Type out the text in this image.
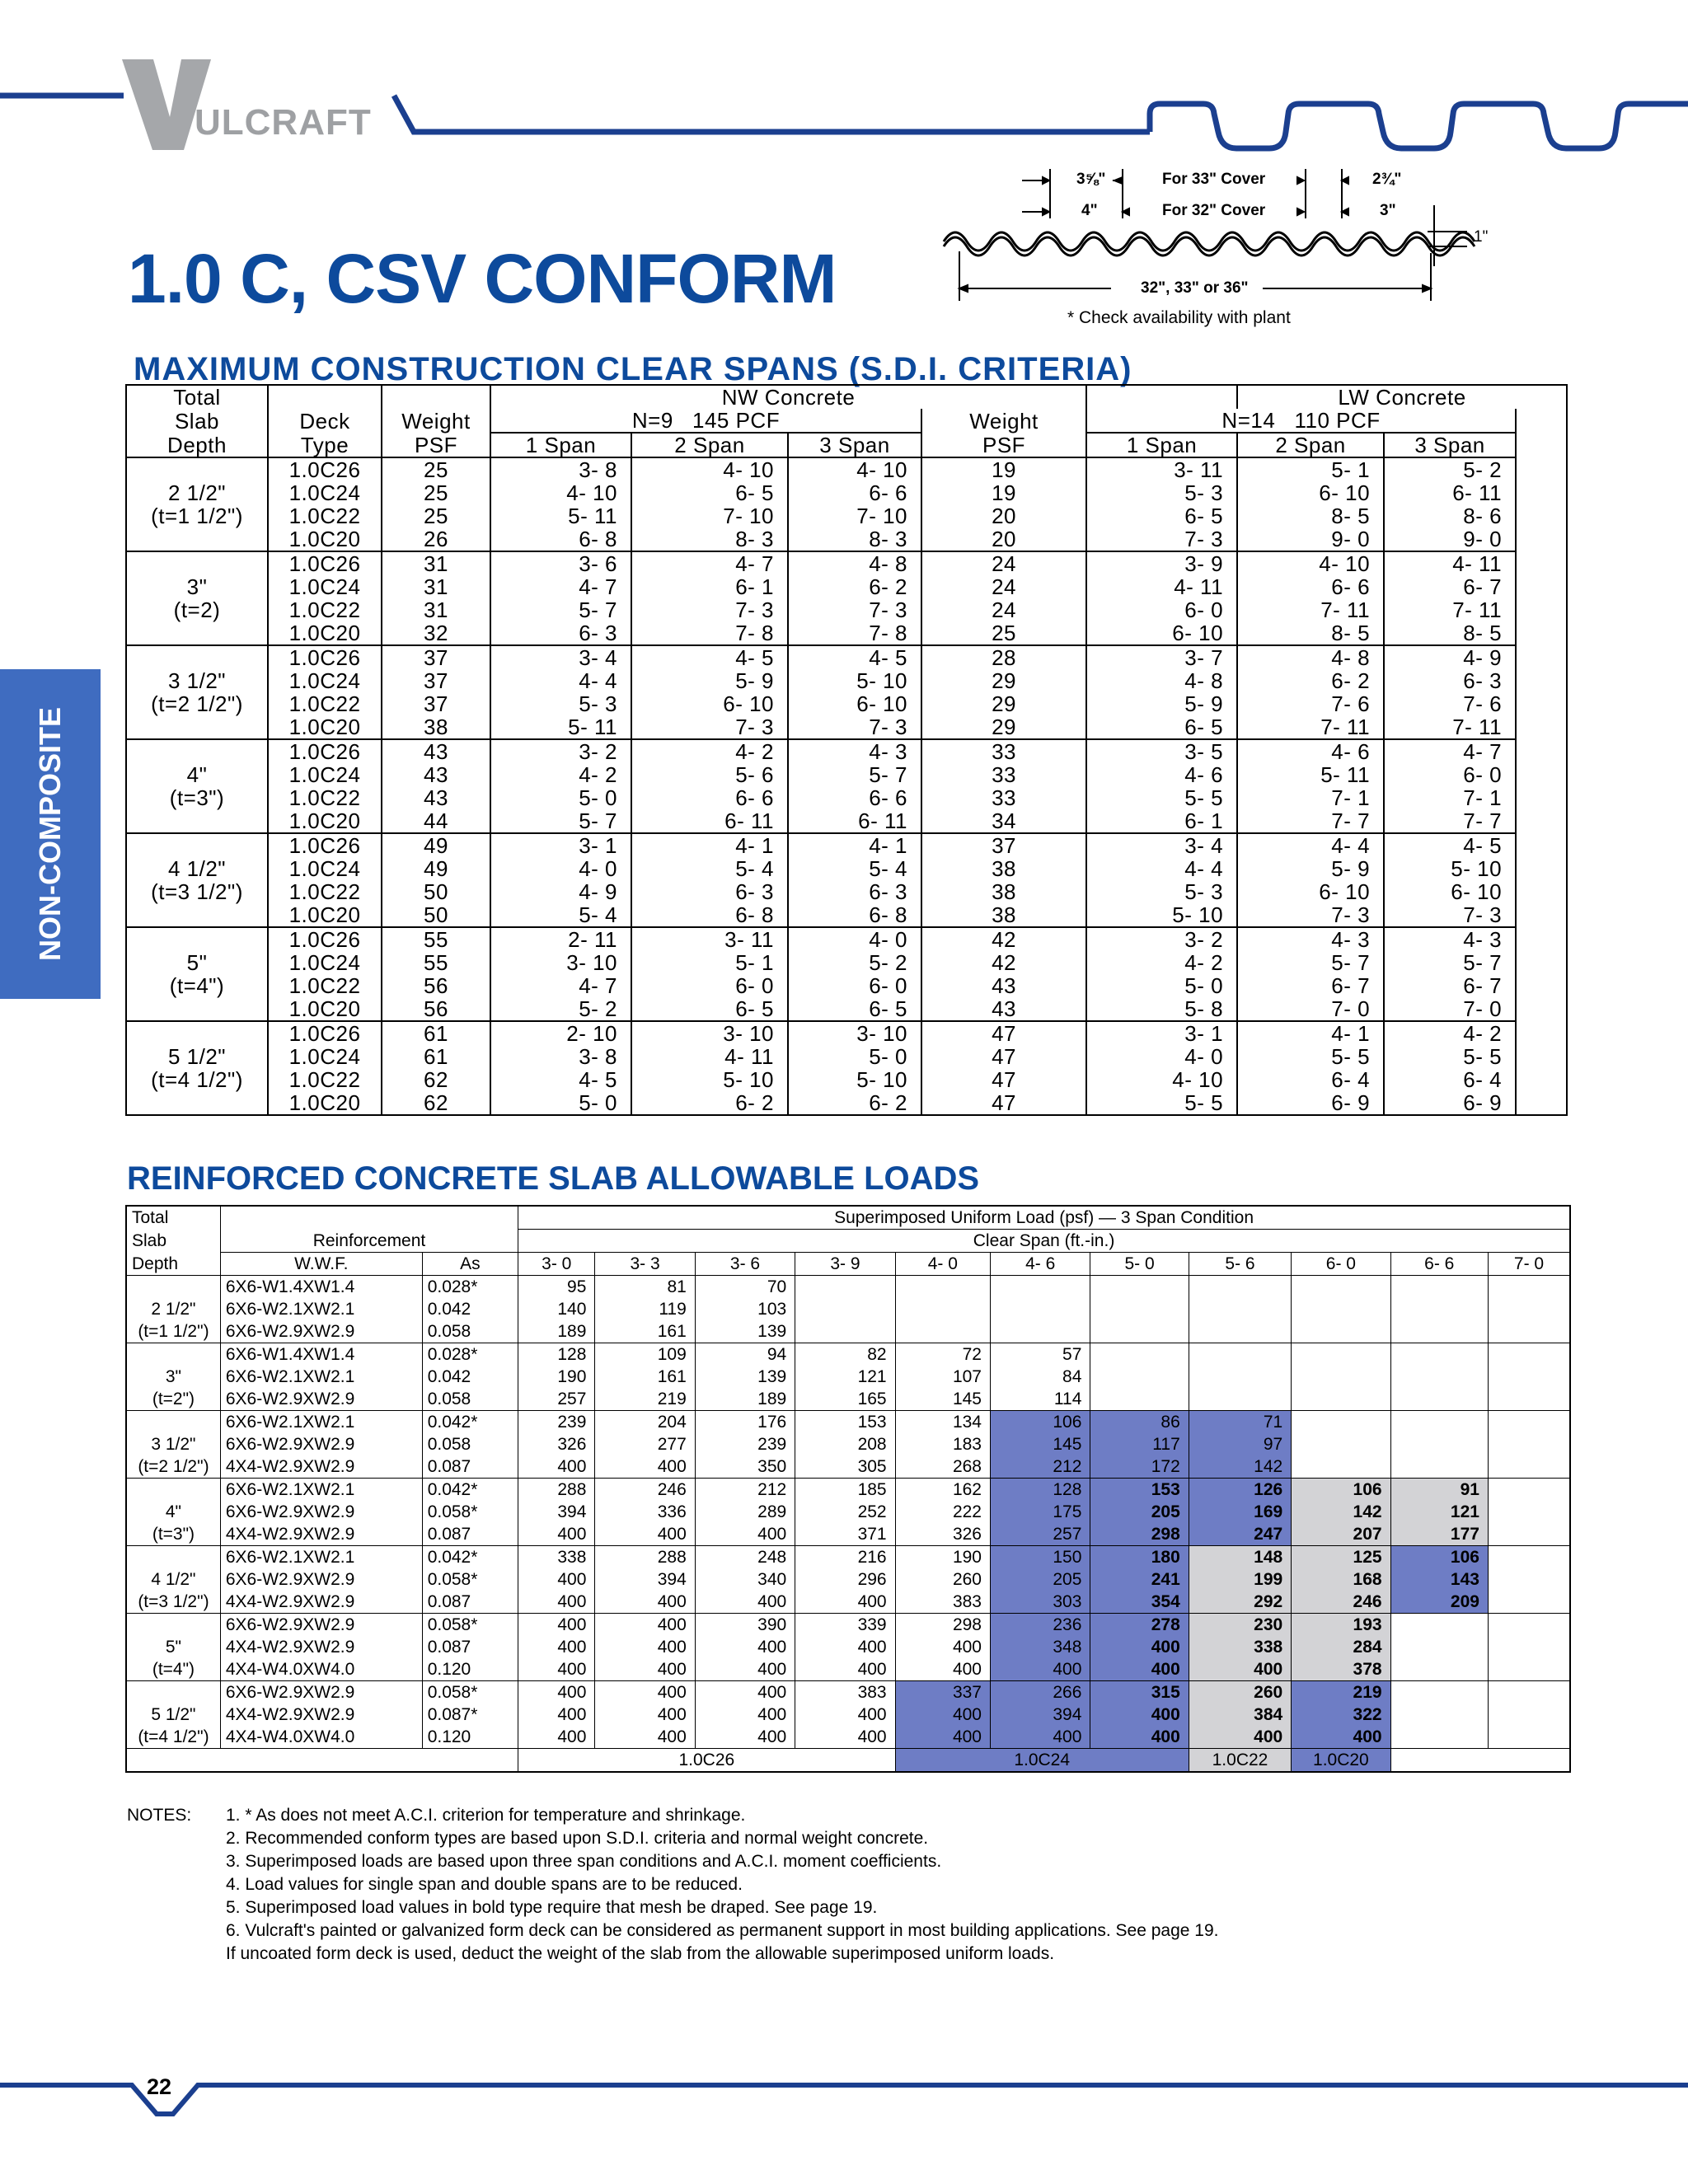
ULCRAFT
1.0 C, CSV CONFORM
3⅝"	For 33" Cover	2¾"
4"	For 32" Cover	3"
1"
32", 33" or 36"
* Check availability with plant
NON-COMPOSITE
MAXIMUM CONSTRUCTION CLEAR SPANS (S.D.I. CRITERIA)
Total			NW Concrete					LW Concrete	
Slab	Deck	Weight	N=9   145 PCF			Weight	N=14   110 PCF		
Depth	Type	PSF	1 Span	2 Span	3 Span	PSF	1 Span	2 Span	3 Span

2 1/2"
(t=1 1/2")	1.0C26	25	3- 8	4- 10	4- 10	19	3- 11	5- 1	5- 2
	1.0C24	25	4- 10	6- 5	6- 6	19	5- 3	6- 10	6- 11
	1.0C22	25	5- 11	7- 10	7- 10	20	6- 5	8- 5	8- 6
	1.0C20	26	6- 8	8- 3	8- 3	20	7- 3	9- 0	9- 0

3"
(t=2)	1.0C26	31	3- 6	4- 7	4- 8	24	3- 9	4- 10	4- 11
	1.0C24	31	4- 7	6- 1	6- 2	24	4- 11	6- 6	6- 7
	1.0C22	31	5- 7	7- 3	7- 3	24	6- 0	7- 11	7- 11
	1.0C20	32	6- 3	7- 8	7- 8	25	6- 10	8- 5	8- 5

3 1/2"
(t=2 1/2")	1.0C26	37	3- 4	4- 5	4- 5	28	3- 7	4- 8	4- 9
	1.0C24	37	4- 4	5- 9	5- 10	29	4- 8	6- 2	6- 3
	1.0C22	37	5- 3	6- 10	6- 10	29	5- 9	7- 6	7- 6
	1.0C20	38	5- 11	7- 3	7- 3	29	6- 5	7- 11	7- 11

4"
(t=3")	1.0C26	43	3- 2	4- 2	4- 3	33	3- 5	4- 6	4- 7
	1.0C24	43	4- 2	5- 6	5- 7	33	4- 6	5- 11	6- 0
	1.0C22	43	5- 0	6- 6	6- 6	33	5- 5	7- 1	7- 1
	1.0C20	44	5- 7	6- 11	6- 11	34	6- 1	7- 7	7- 7

4 1/2"
(t=3 1/2")	1.0C26	49	3- 1	4- 1	4- 1	37	3- 4	4- 4	4- 5
	1.0C24	49	4- 0	5- 4	5- 4	38	4- 4	5- 9	5- 10
	1.0C22	50	4- 9	6- 3	6- 3	38	5- 3	6- 10	6- 10
	1.0C20	50	5- 4	6- 8	6- 8	38	5- 10	7- 3	7- 3

5"
(t=4")	1.0C26	55	2- 11	3- 11	4- 0	42	3- 2	4- 3	4- 3
	1.0C24	55	3- 10	5- 1	5- 2	42	4- 2	5- 7	5- 7
	1.0C22	56	4- 7	6- 0	6- 0	43	5- 0	6- 7	6- 7
	1.0C20	56	5- 2	6- 5	6- 5	43	5- 8	7- 0	7- 0

5 1/2"
(t=4 1/2")	1.0C26	61	2- 10	3- 10	3- 10	47	3- 1	4- 1	4- 2
	1.0C24	61	3- 8	4- 11	5- 0	47	4- 0	5- 5	5- 5
	1.0C22	62	4- 5	5- 10	5- 10	47	4- 10	6- 4	6- 4
	1.0C20	62	5- 0	6- 2	6- 2	47	5- 5	6- 9	6- 9
REINFORCED CONCRETE SLAB ALLOWABLE LOADS
Total			Superimposed Uniform Load (psf) — 3 Span Condition										
Slab	Reinforcement		Clear Span (ft.-in.)										
Depth	W.W.F.	As	3- 0	3- 3	3- 6	3- 9	4- 0	4- 6	5- 0	5- 6	6- 0	6- 6	7- 0

2 1/2"
(t=1 1/2")	6X6-W1.4XW1.4	0.028*	95	81	70								
	6X6-W2.1XW2.1	0.042	140	119	103								
	6X6-W2.9XW2.9	0.058	189	161	139								

3"
(t=2")	6X6-W1.4XW1.4	0.028*	128	109	94	82	72	57					
	6X6-W2.1XW2.1	0.042	190	161	139	121	107	84					
	6X6-W2.9XW2.9	0.058	257	219	189	165	145	114					

3 1/2"
(t=2 1/2")	6X6-W2.1XW2.1	0.042*	239	204	176	153	134	106	86	71			
	6X6-W2.9XW2.9	0.058	326	277	239	208	183	145	117	97			
	4X4-W2.9XW2.9	0.087	400	400	350	305	268	212	172	142			

4"
(t=3")	6X6-W2.1XW2.1	0.042*	288	246	212	185	162	128	153	126	106	91	
	6X6-W2.9XW2.9	0.058*	394	336	289	252	222	175	205	169	142	121	
	4X4-W2.9XW2.9	0.087	400	400	400	371	326	257	298	247	207	177	

4 1/2"
(t=3 1/2")	6X6-W2.1XW2.1	0.042*	338	288	248	216	190	150	180	148	125	106	
	6X6-W2.9XW2.9	0.058*	400	394	340	296	260	205	241	199	168	143	
	4X4-W2.9XW2.9	0.087	400	400	400	400	383	303	354	292	246	209	

5"
(t=4")	6X6-W2.9XW2.9	0.058*	400	400	390	339	298	236	278	230	193		
	4X4-W2.9XW2.9	0.087	400	400	400	400	400	348	400	338	284		
	4X4-W4.0XW4.0	0.120	400	400	400	400	400	400	400	400	378		

5 1/2"
(t=4 1/2")	6X6-W2.9XW2.9	0.058*	400	400	400	383	337	266	315	260	219		
	4X4-W2.9XW2.9	0.087*	400	400	400	400	400	394	400	384	322		
	4X4-W4.0XW4.0	0.120	400	400	400	400	400	400	400	400	400		
			1.0C26				1.0C24			1.0C22	1.0C20		
NOTES: 1. * As does not meet A.C.I. criterion for temperature and shrinkage.
2. Recommended conform types are based upon S.D.I. criteria and normal weight concrete.
3. Superimposed loads are based upon three span conditions and A.C.I. moment coefficients.
4. Load values for single span and double spans are to be reduced.
5. Superimposed load values in bold type require that mesh be draped. See page 19.
6. Vulcraft's painted or galvanized form deck can be considered as permanent support in most building applications. See page 19.
If uncoated form deck is used, deduct the weight of the slab from the allowable superimposed uniform loads.
22
